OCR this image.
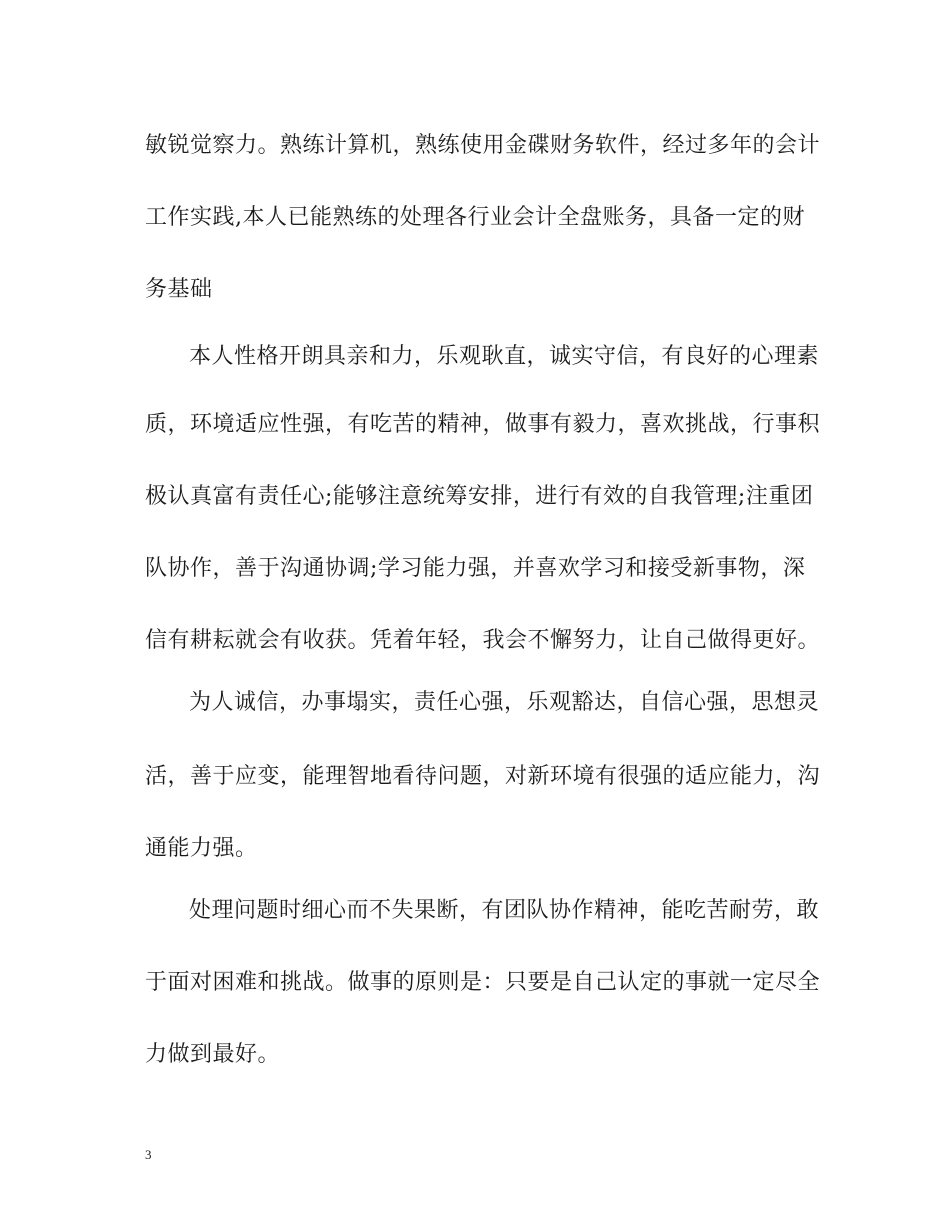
敏锐觉察力。熟练计算机，熟练使用金碟财务软件，经过多年的会计
工作实践,本人已能熟练的处理各行业会计全盘账务，具备一定的财
务基础
本人性格开朗具亲和力，乐观耿直，诚实守信，有良好的心理素
质，环境适应性强，有吃苦的精神，做事有毅力，喜欢挑战，行事积
极认真富有责任心;能够注意统筹安排，进行有效的自我管理;注重团
队协作，善于沟通协调;学习能力强，并喜欢学习和接受新事物，深
信有耕耘就会有收获。凭着年轻，我会不懈努力，让自己做得更好。
为人诚信，办事塌实，责任心强，乐观豁达，自信心强，思想灵
活，善于应变，能理智地看待问题，对新环境有很强的适应能力，沟
通能力强。
处理问题时细心而不失果断，有团队协作精神，能吃苦耐劳，敢
于面对困难和挑战。做事的原则是：只要是自己认定的事就一定尽全
力做到最好。
3
